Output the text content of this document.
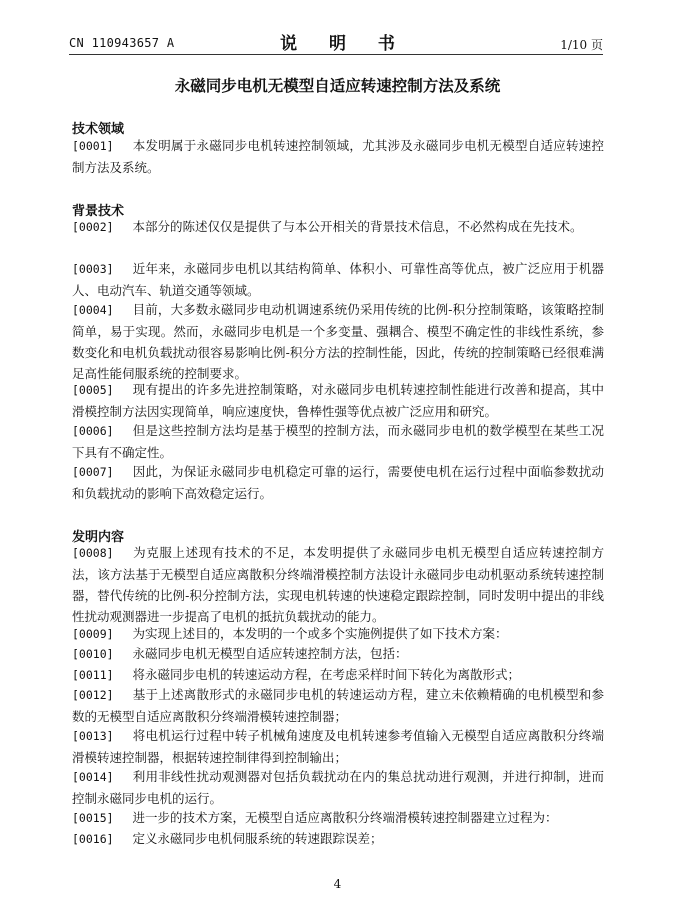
CN 110943657 A	说 明 书	1/10 页
永磁同步电机无模型自适应转速控制方法及系统
技术领域
[0001] 本发明属于永磁同步电机转速控制领域，尤其涉及永磁同步电机无模型自适应转速控制方法及系统。
背景技术
[0002] 本部分的陈述仅仅是提供了与本公开相关的背景技术信息，不必然构成在先技术。
[0003] 近年来，永磁同步电机以其结构简单、体积小、可靠性高等优点，被广泛应用于机器人、电动汽车、轨道交通等领域。
[0004] 目前，大多数永磁同步电动机调速系统仍采用传统的比例-积分控制策略，该策略控制简单，易于实现。然而，永磁同步电机是一个多变量、强耦合、模型不确定性的非线性系统，参数变化和电机负载扰动很容易影响比例-积分方法的控制性能，因此，传统的控制策略已经很难满足高性能伺服系统的控制要求。
[0005] 现有提出的许多先进控制策略，对永磁同步电机转速控制性能进行改善和提高，其中滑模控制方法因实现简单，响应速度快，鲁棒性强等优点被广泛应用和研究。
[0006] 但是这些控制方法均是基于模型的控制方法，而永磁同步电机的数学模型在某些工况下具有不确定性。
[0007] 因此，为保证永磁同步电机稳定可靠的运行，需要使电机在运行过程中面临参数扰动和负载扰动的影响下高效稳定运行。
发明内容
[0008] 为克服上述现有技术的不足，本发明提供了永磁同步电机无模型自适应转速控制方法，该方法基于无模型自适应离散积分终端滑模控制方法设计永磁同步电动机驱动系统转速控制器，替代传统的比例-积分控制方法，实现电机转速的快速稳定跟踪控制，同时发明中提出的非线性扰动观测器进一步提高了电机的抵抗负载扰动的能力。
[0009] 为实现上述目的，本发明的一个或多个实施例提供了如下技术方案：
[0010] 永磁同步电机无模型自适应转速控制方法，包括：
[0011] 将永磁同步电机的转速运动方程，在考虑采样时间下转化为离散形式；
[0012] 基于上述离散形式的永磁同步电机的转速运动方程，建立未依赖精确的电机模型和参数的无模型自适应离散积分终端滑模转速控制器；
[0013] 将电机运行过程中转子机械角速度及电机转速参考值输入无模型自适应离散积分终端滑模转速控制器，根据转速控制律得到控制输出；
[0014] 利用非线性扰动观测器对包括负载扰动在内的集总扰动进行观测，并进行抑制，进而控制永磁同步电机的运行。
[0015] 进一步的技术方案，无模型自适应离散积分终端滑模转速控制器建立过程为：
[0016] 定义永磁同步电机伺服系统的转速跟踪误差；
4
